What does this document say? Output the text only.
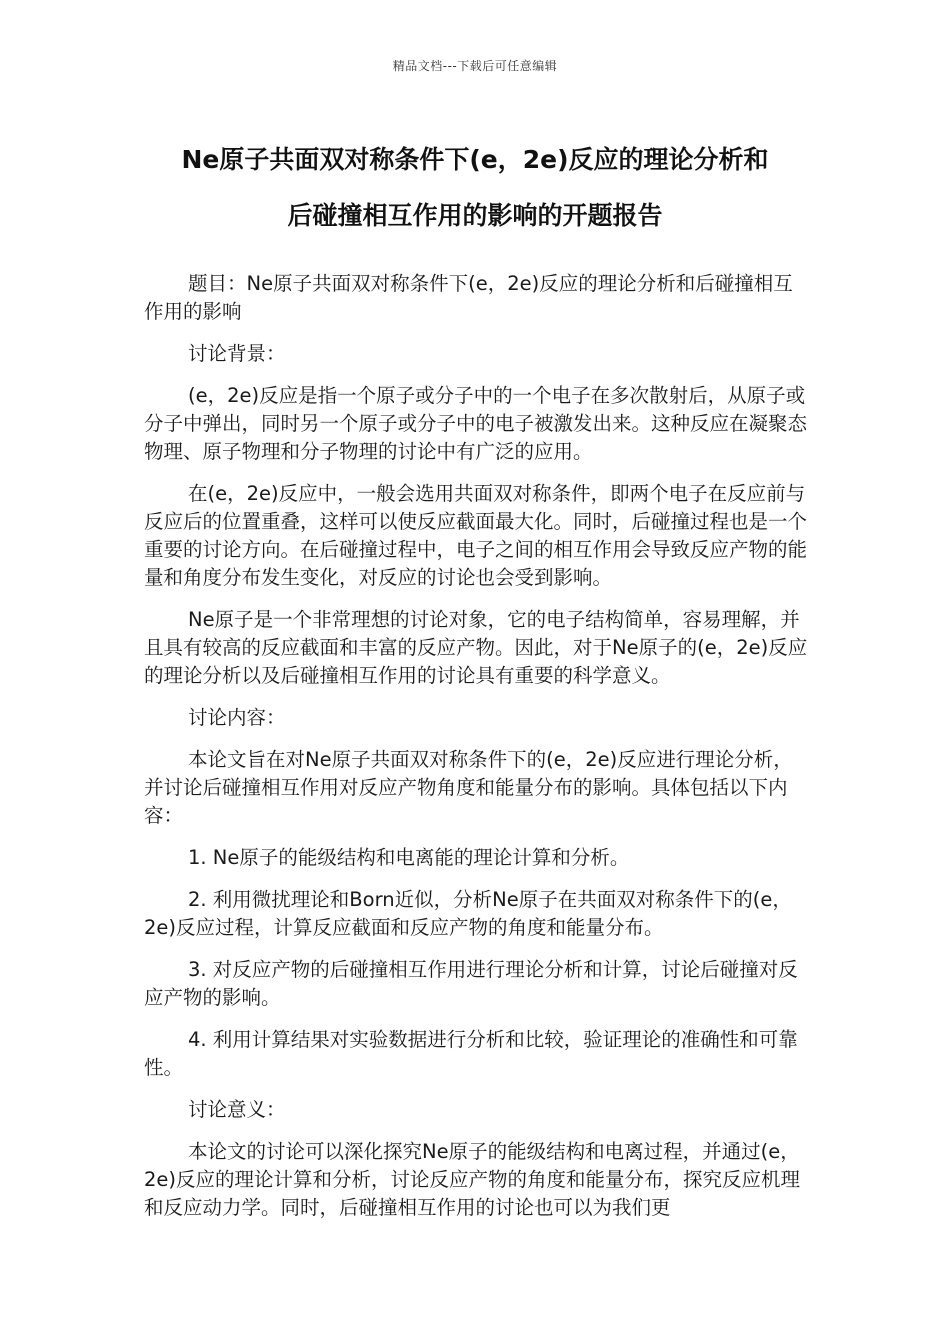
精品文档---下载后可任意编辑
Ne原子共面双对称条件下(e，2e)反应的理论分析和
后碰撞相互作用的影响的开题报告

题目：Ne原子共面双对称条件下(e，2e)反应的理论分析和后碰撞相互作用的影响

讨论背景：

(e，2e)反应是指一个原子或分子中的一个电子在多次散射后，从原子或分子中弹出，同时另一个原子或分子中的电子被激发出来。这种反应在凝聚态物理、原子物理和分子物理的讨论中有广泛的应用。

在(e，2e)反应中，一般会选用共面双对称条件，即两个电子在反应前与反应后的位置重叠，这样可以使反应截面最大化。同时，后碰撞过程也是一个重要的讨论方向。在后碰撞过程中，电子之间的相互作用会导致反应产物的能量和角度分布发生变化，对反应的讨论也会受到影响。

Ne原子是一个非常理想的讨论对象，它的电子结构简单，容易理解，并且具有较高的反应截面和丰富的反应产物。因此，对于Ne原子的(e，2e)反应的理论分析以及后碰撞相互作用的讨论具有重要的科学意义。

讨论内容：

本论文旨在对Ne原子共面双对称条件下的(e，2e)反应进行理论分析，并讨论后碰撞相互作用对反应产物角度和能量分布的影响。具体包括以下内容：

1. Ne原子的能级结构和电离能的理论计算和分析。

2. 利用微扰理论和Born近似，分析Ne原子在共面双对称条件下的(e，2e)反应过程，计算反应截面和反应产物的角度和能量分布。

3. 对反应产物的后碰撞相互作用进行理论分析和计算，讨论后碰撞对反应产物的影响。

4. 利用计算结果对实验数据进行分析和比较，验证理论的准确性和可靠性。

讨论意义：

本论文的讨论可以深化探究Ne原子的能级结构和电离过程，并通过(e，2e)反应的理论计算和分析，讨论反应产物的角度和能量分布，探究反应机理和反应动力学。同时，后碰撞相互作用的讨论也可以为我们更
